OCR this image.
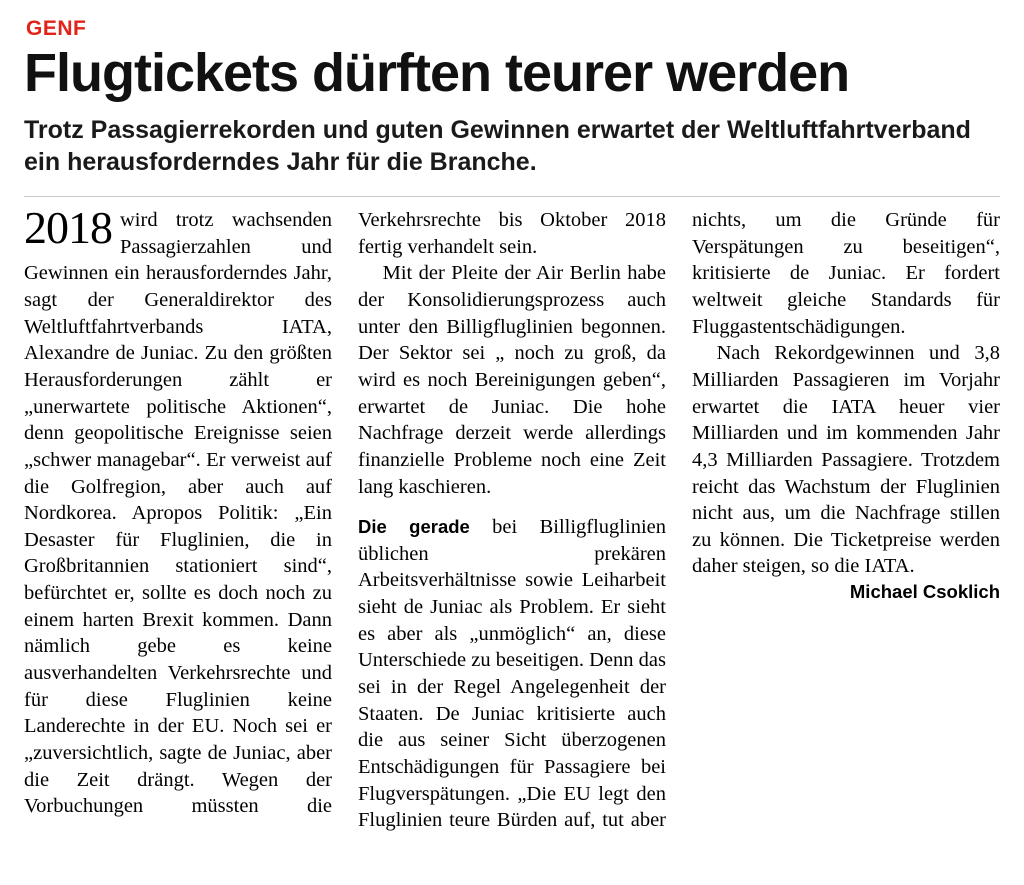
GENF
Flugtickets dürften teurer werden
Trotz Passagierrekorden und guten Gewinnen erwartet der Weltluftfahrtverband ein herausforderndes Jahr für die Branche.

2018 wird trotz wachsenden Passagierzahlen und Gewinnen ein herausforderndes Jahr, sagt der Generaldirektor des Weltluftfahrtverbands IATA, Alexandre de Juniac. Zu den größten Herausforderungen zählt er „unerwartete politische Aktionen“, denn geopolitische Ereignisse seien „schwer managebar“. Er verweist auf die Golfregion, aber auch auf Nordkorea. Apropos Politik: „Ein Desaster für Fluglinien, die in Großbritannien stationiert sind“, befürchtet er, sollte es doch noch zu einem harten Brexit kommen. Dann nämlich gebe es keine ausverhandelten Verkehrsrechte und für diese Fluglinien keine Landerechte in der EU. Noch sei er „zuversichtlich, sagte de Juniac, aber die Zeit drängt. Wegen der Vorbuchungen müssten die Verkehrsrechte bis Oktober 2018 fertig verhandelt sein.

Mit der Pleite der Air Berlin habe der Konsolidierungsprozess auch unter den Billigfluglinien begonnen. Der Sektor sei „ noch zu groß, da wird es noch Bereinigungen geben“, erwartet de Juniac. Die hohe Nachfrage derzeit werde allerdings finanzielle Probleme noch eine Zeit lang kaschieren.

Die gerade bei Billigfluglinien üblichen prekären Arbeitsverhältnisse sowie Leiharbeit sieht de Juniac als Problem. Er sieht es aber als „unmöglich“ an, diese Unterschiede zu beseitigen. Denn das sei in der Regel Angelegenheit der Staaten. De Juniac kritisierte auch die aus seiner Sicht überzogenen Entschädigungen für Passagiere bei Flugverspätungen. „Die EU legt den Fluglinien teure Bürden auf, tut aber nichts, um die Gründe für Verspätungen zu beseitigen“, kritisierte de Juniac. Er fordert weltweit gleiche Standards für Fluggastentschädigungen.

Nach Rekordgewinnen und 3,8 Milliarden Passagieren im Vorjahr erwartet die IATA heuer vier Milliarden und im kommenden Jahr 4,3 Milliarden Passagiere. Trotzdem reicht das Wachstum der Fluglinien nicht aus, um die Nachfrage stillen zu können. Die Ticketpreise werden daher steigen, so die IATA.
Michael Csoklich
